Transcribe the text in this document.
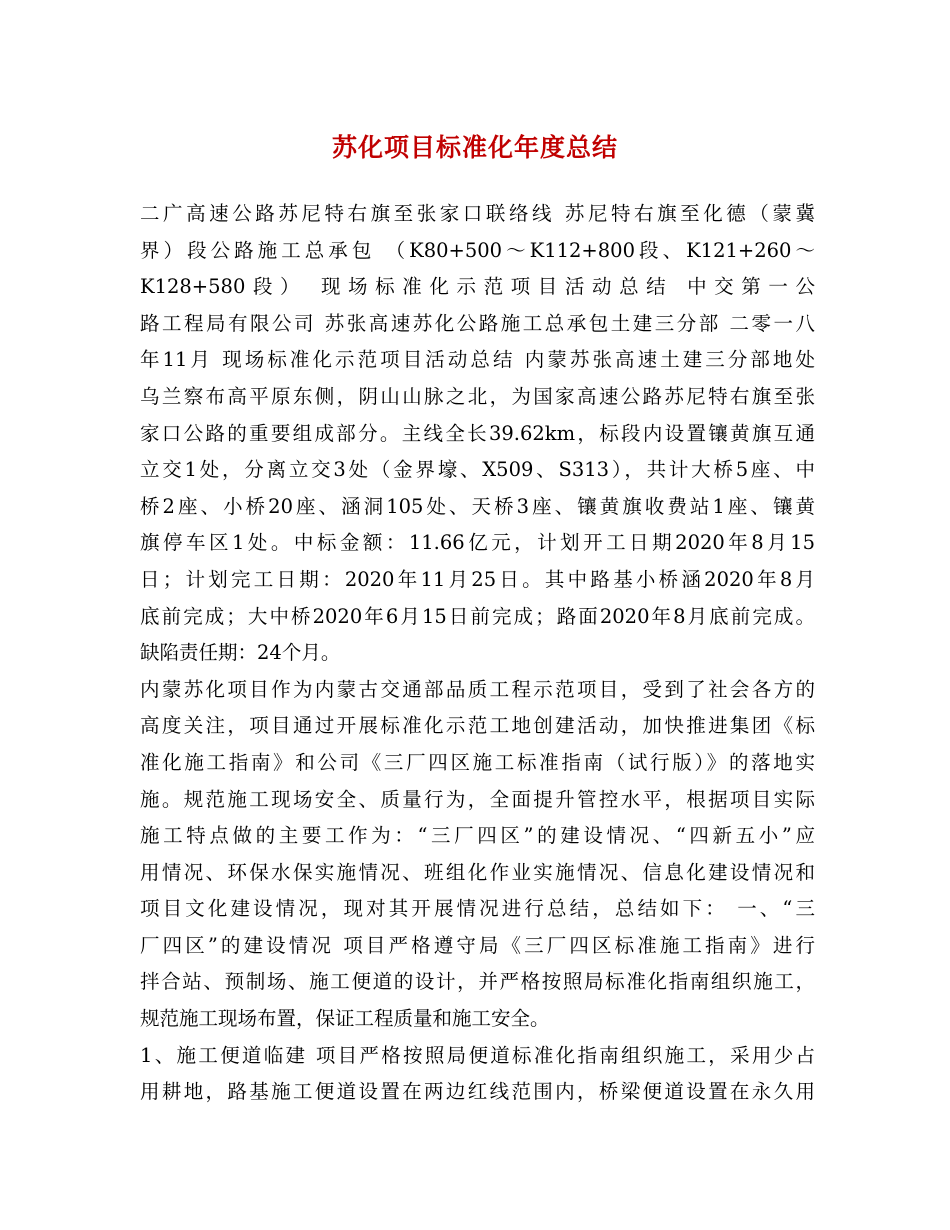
苏化项目标准化年度总结
二广高速公路苏尼特右旗至张家口联络线 苏尼特右旗至化德（蒙冀
界）段公路施工总承包 （K80+500～K112+800段、K121+260～
K128+580段） 现场标准化示范项目活动总结 中交第一公
路工程局有限公司 苏张高速苏化公路施工总承包土建三分部 二零一八
年11月 现场标准化示范项目活动总结 内蒙苏张高速土建三分部地处
乌兰察布高平原东侧，阴山山脉之北，为国家高速公路苏尼特右旗至张
家口公路的重要组成部分。主线全长39.62km，标段内设置镶黄旗互通
立交1处，分离立交3处（金界壕、X509、S313），共计大桥5座、中
桥2座、小桥20座、涵洞105处、天桥3座、镶黄旗收费站1座、镶黄
旗停车区1处。中标金额：11.66亿元，计划开工日期2020年8月15
日；计划完工日期：2020年11月25日。其中路基小桥涵2020年8月
底前完成；大中桥2020年6月15日前完成；路面2020年8月底前完成。
缺陷责任期：24个月。
内蒙苏化项目作为内蒙古交通部品质工程示范项目，受到了社会各方的
高度关注，项目通过开展标准化示范工地创建活动，加快推进集团《标
准化施工指南》和公司《三厂四区施工标准指南（试行版）》的落地实
施。规范施工现场安全、质量行为，全面提升管控水平，根据项目实际
施工特点做的主要工作为：“三厂四区”的建设情况、“四新五小”应
用情况、环保水保实施情况、班组化作业实施情况、信息化建设情况和
项目文化建设情况，现对其开展情况进行总结，总结如下： 一、“三
厂四区”的建设情况 项目严格遵守局《三厂四区标准施工指南》进行
拌合站、预制场、施工便道的设计，并严格按照局标准化指南组织施工，
规范施工现场布置，保证工程质量和施工安全。
1、施工便道临建 项目严格按照局便道标准化指南组织施工，采用少占
用耕地，路基施工便道设置在两边红线范围内，桥梁便道设置在永久用
